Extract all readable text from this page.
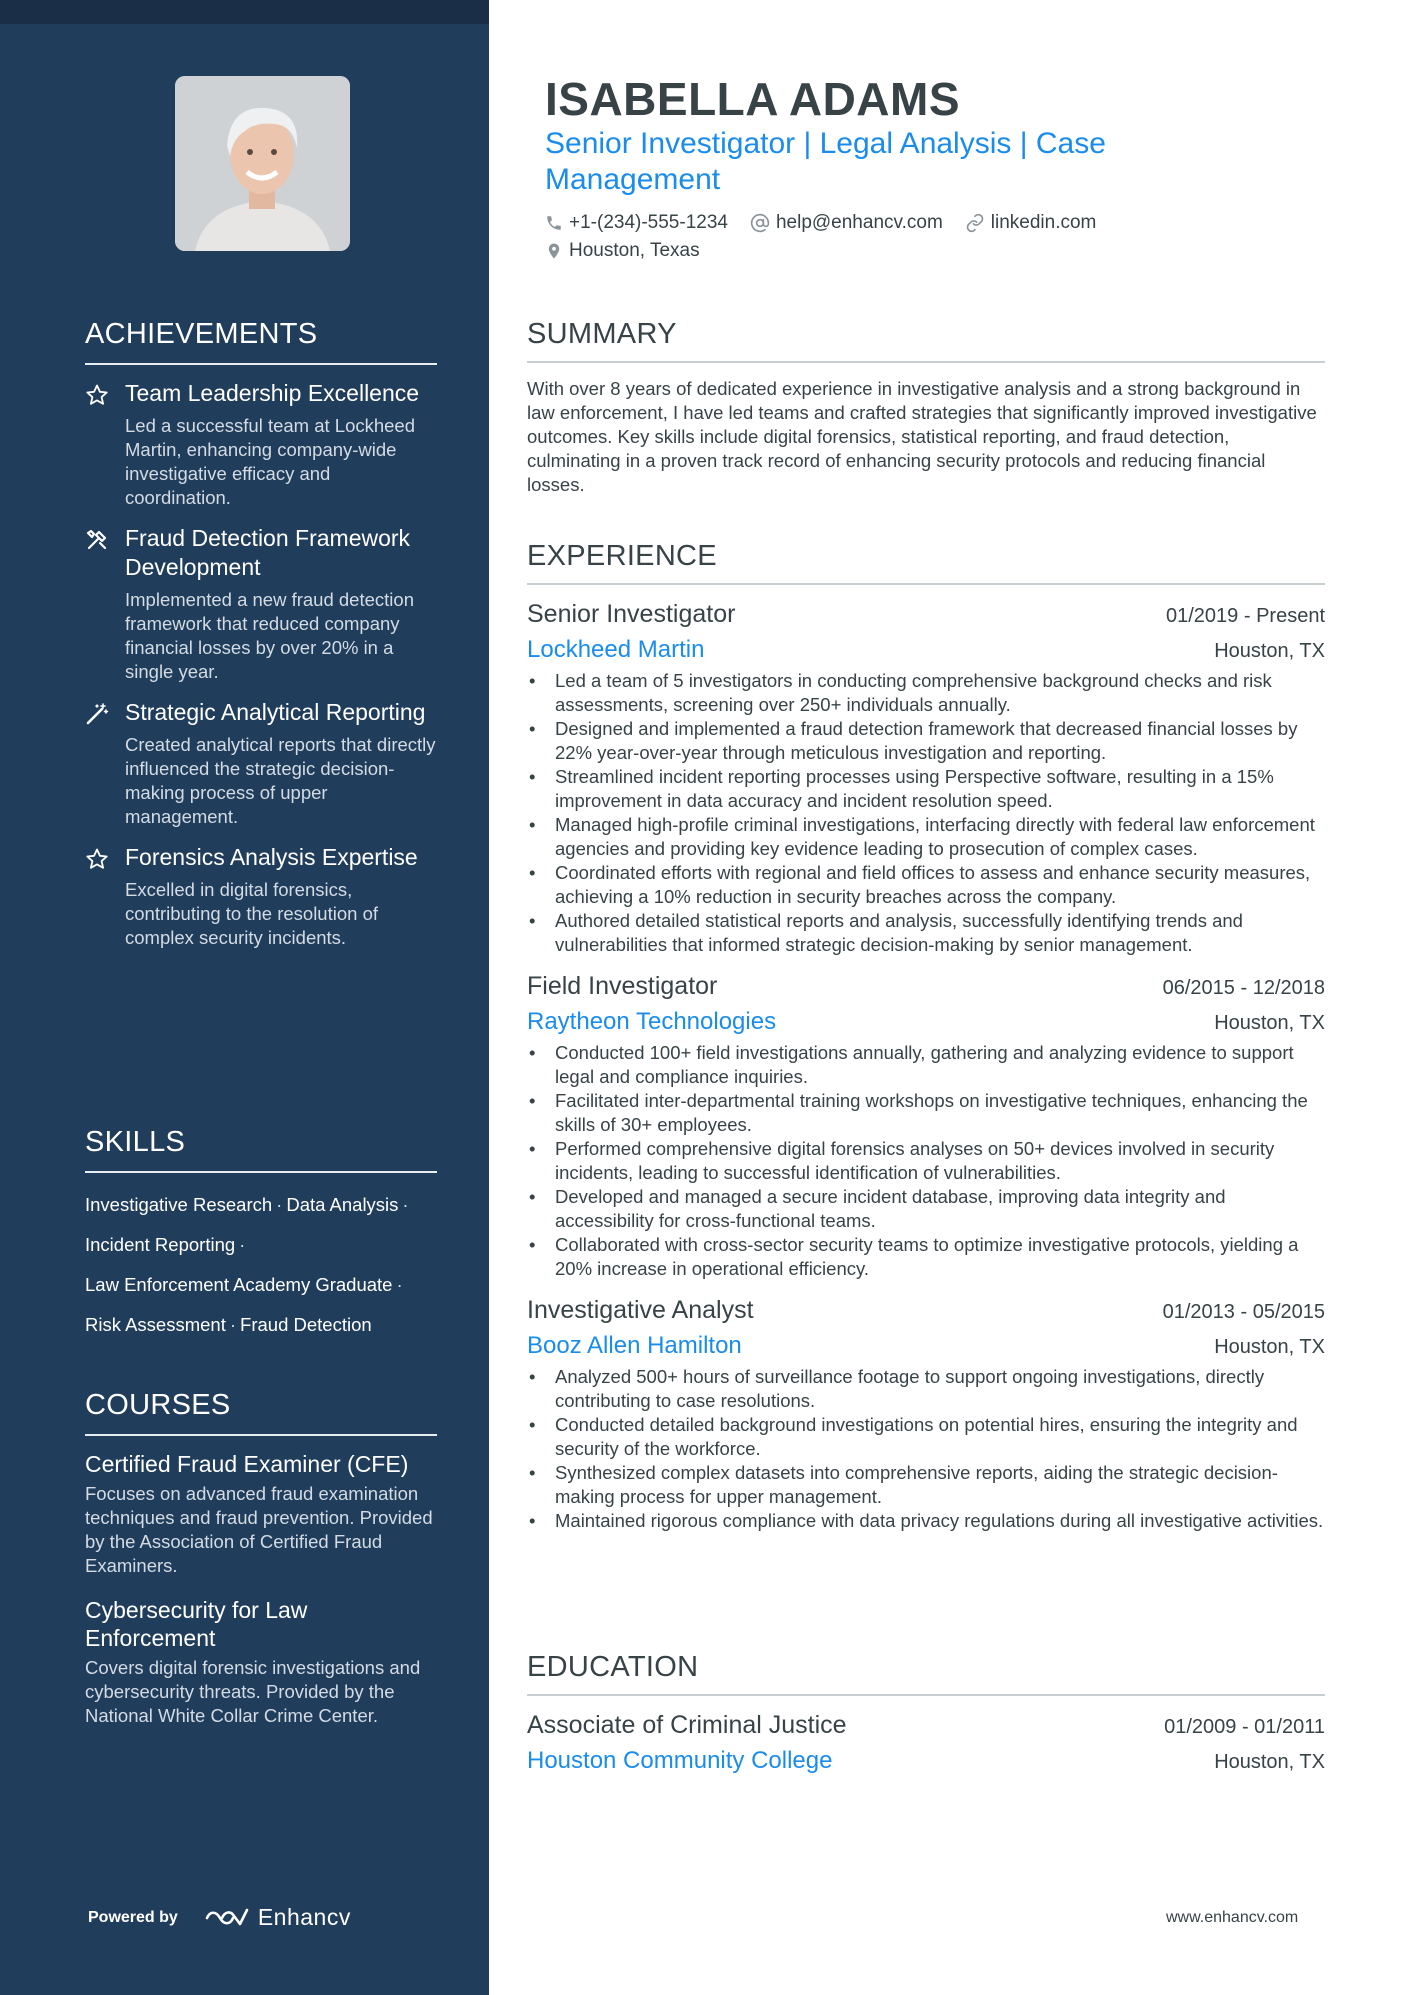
ACHIEVEMENTS
Team Leadership Excellence
Led a successful team at Lockheed Martin, enhancing company-wide investigative efficacy and coordination.
Fraud Detection Framework Development
Implemented a new fraud detection framework that reduced company financial losses by over 20% in a single year.
Strategic Analytical Reporting
Created analytical reports that directly influenced the strategic decision-making process of upper management.
Forensics Analysis Expertise
Excelled in digital forensics, contributing to the resolution of complex security incidents.
SKILLS
Investigative Research · Data Analysis ·
Incident Reporting ·
Law Enforcement Academy Graduate ·
Risk Assessment · Fraud Detection
COURSES
Certified Fraud Examiner (CFE)
Focuses on advanced fraud examination techniques and fraud prevention. Provided by the Association of Certified Fraud Examiners.
Cybersecurity for Law Enforcement
Covers digital forensic investigations and cybersecurity threats. Provided by the National White Collar Crime Center.
Powered by	Enhancv
ISABELLA ADAMS
Senior Investigator | Legal Analysis | Case Management
+1-(234)-555-1234	help@enhancv.com	linkedin.com
Houston, Texas
SUMMARY
With over 8 years of dedicated experience in investigative analysis and a strong background in law enforcement, I have led teams and crafted strategies that significantly improved investigative outcomes. Key skills include digital forensics, statistical reporting, and fraud detection, culminating in a proven track record of enhancing security protocols and reducing financial losses.
EXPERIENCE
Senior Investigator	01/2019 - Present
Lockheed Martin	Houston, TX
• Led a team of 5 investigators in conducting comprehensive background checks and risk assessments, screening over 250+ individuals annually.
• Designed and implemented a fraud detection framework that decreased financial losses by 22% year-over-year through meticulous investigation and reporting.
• Streamlined incident reporting processes using Perspective software, resulting in a 15% improvement in data accuracy and incident resolution speed.
• Managed high-profile criminal investigations, interfacing directly with federal law enforcement agencies and providing key evidence leading to prosecution of complex cases.
• Coordinated efforts with regional and field offices to assess and enhance security measures, achieving a 10% reduction in security breaches across the company.
• Authored detailed statistical reports and analysis, successfully identifying trends and vulnerabilities that informed strategic decision-making by senior management.
Field Investigator	06/2015 - 12/2018
Raytheon Technologies	Houston, TX
• Conducted 100+ field investigations annually, gathering and analyzing evidence to support legal and compliance inquiries.
• Facilitated inter-departmental training workshops on investigative techniques, enhancing the skills of 30+ employees.
• Performed comprehensive digital forensics analyses on 50+ devices involved in security incidents, leading to successful identification of vulnerabilities.
• Developed and managed a secure incident database, improving data integrity and accessibility for cross-functional teams.
• Collaborated with cross-sector security teams to optimize investigative protocols, yielding a 20% increase in operational efficiency.
Investigative Analyst	01/2013 - 05/2015
Booz Allen Hamilton	Houston, TX
• Analyzed 500+ hours of surveillance footage to support ongoing investigations, directly contributing to case resolutions.
• Conducted detailed background investigations on potential hires, ensuring the integrity and security of the workforce.
• Synthesized complex datasets into comprehensive reports, aiding the strategic decision-making process for upper management.
• Maintained rigorous compliance with data privacy regulations during all investigative activities.
EDUCATION
Associate of Criminal Justice	01/2009 - 01/2011
Houston Community College	Houston, TX
www.enhancv.com
